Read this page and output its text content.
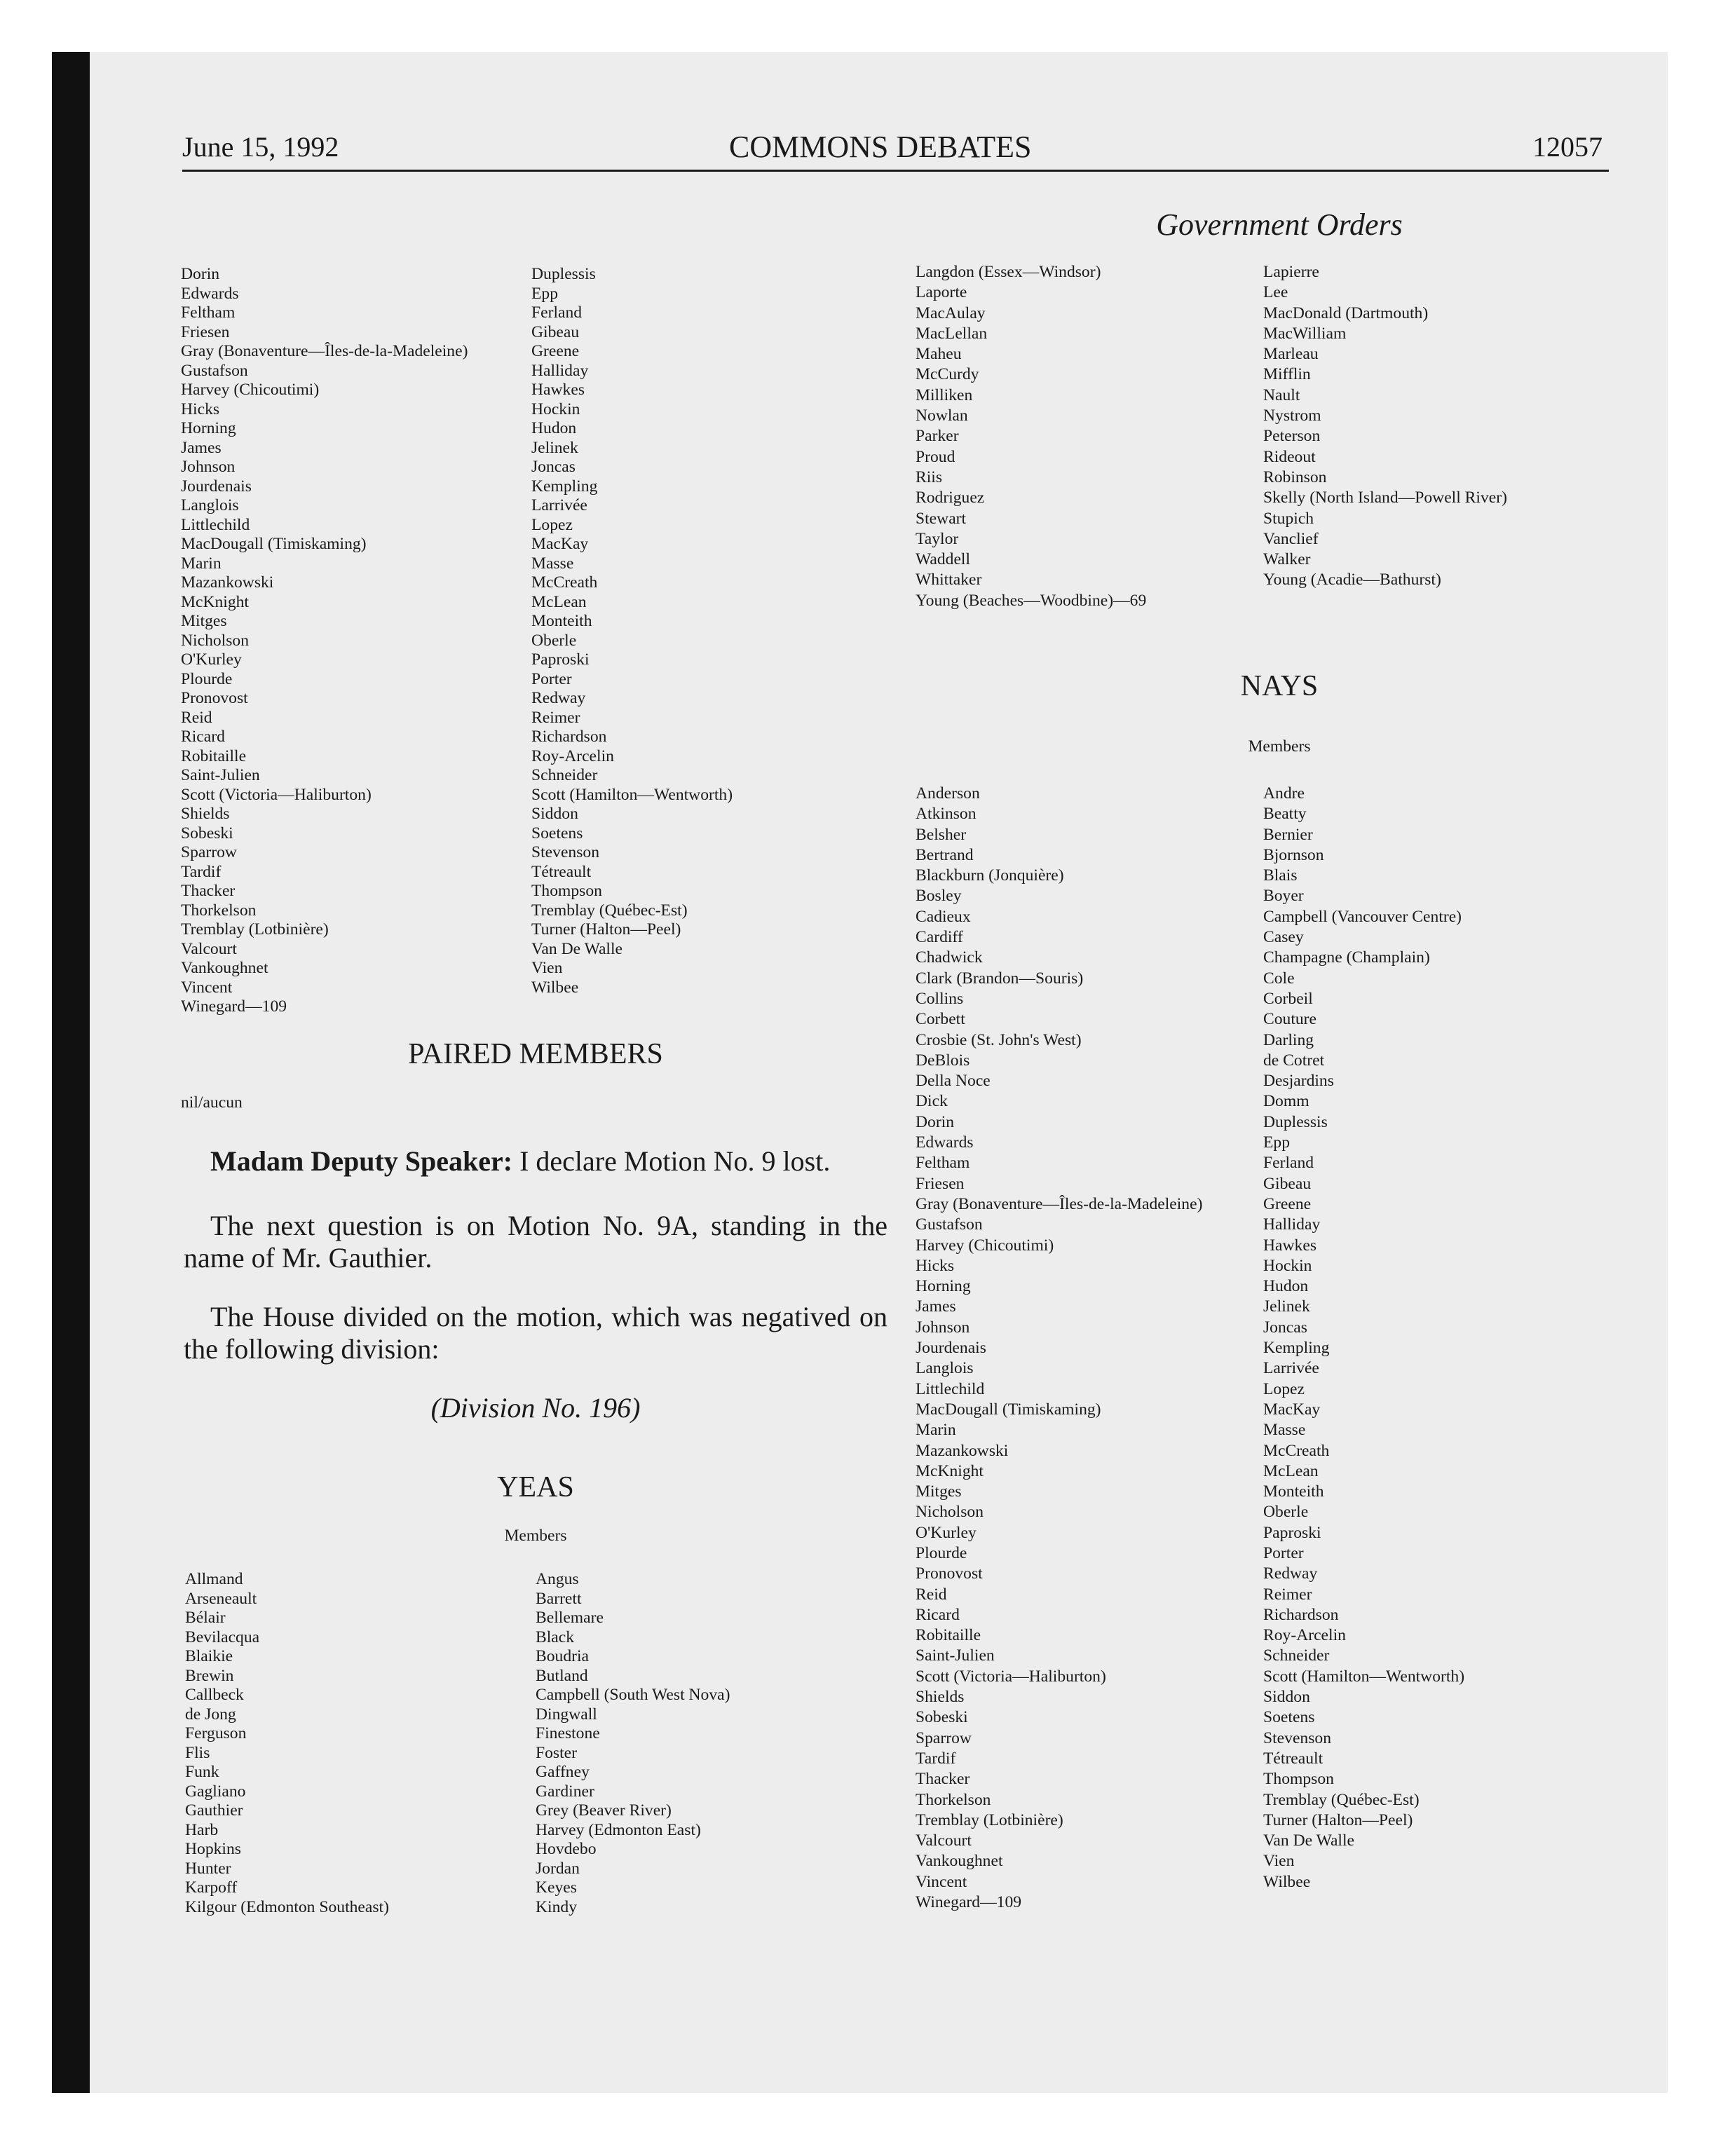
June 15, 1992	COMMONS DEBATES	12057
Government Orders
Dorin
Edwards
Feltham
Friesen
Gray (Bonaventure—Îles-de-la-Madeleine)
Gustafson
Harvey (Chicoutimi)
Hicks
Horning
James
Johnson
Jourdenais
Langlois
Littlechild
MacDougall (Timiskaming)
Marin
Mazankowski
McKnight
Mitges
Nicholson
O'Kurley
Plourde
Pronovost
Reid
Ricard
Robitaille
Saint-Julien
Scott (Victoria—Haliburton)
Shields
Sobeski
Sparrow
Tardif
Thacker
Thorkelson
Tremblay (Lotbinière)
Valcourt
Vankoughnet
Vincent
Winegard—109
Duplessis
Epp
Ferland
Gibeau
Greene
Halliday
Hawkes
Hockin
Hudon
Jelinek
Joncas
Kempling
Larrivée
Lopez
MacKay
Masse
McCreath
McLean
Monteith
Oberle
Paproski
Porter
Redway
Reimer
Richardson
Roy-Arcelin
Schneider
Scott (Hamilton—Wentworth)
Siddon
Soetens
Stevenson
Tétreault
Thompson
Tremblay (Québec-Est)
Turner (Halton—Peel)
Van De Walle
Vien
Wilbee
PAIRED MEMBERS
nil/aucun

Madam Deputy Speaker: I declare Motion No. 9 lost.

The next question is on Motion No. 9A, standing in the name of Mr. Gauthier.

The House divided on the motion, which was negatived on the following division:

(Division No. 196)
YEAS
Members
Allmand
Arseneault
Bélair
Bevilacqua
Blaikie
Brewin
Callbeck
de Jong
Ferguson
Flis
Funk
Gagliano
Gauthier
Harb
Hopkins
Hunter
Karpoff
Kilgour (Edmonton Southeast)
Angus
Barrett
Bellemare
Black
Boudria
Butland
Campbell (South West Nova)
Dingwall
Finestone
Foster
Gaffney
Gardiner
Grey (Beaver River)
Harvey (Edmonton East)
Hovdebo
Jordan
Keyes
Kindy
Langdon (Essex—Windsor)
Laporte
MacAulay
MacLellan
Maheu
McCurdy
Milliken
Nowlan
Parker
Proud
Riis
Rodriguez
Stewart
Taylor
Waddell
Whittaker
Young (Beaches—Woodbine)—69
Lapierre
Lee
MacDonald (Dartmouth)
MacWilliam
Marleau
Mifflin
Nault
Nystrom
Peterson
Rideout
Robinson
Skelly (North Island—Powell River)
Stupich
Vanclief
Walker
Young (Acadie—Bathurst)
NAYS
Members
Anderson
Atkinson
Belsher
Bertrand
Blackburn (Jonquière)
Bosley
Cadieux
Cardiff
Chadwick
Clark (Brandon—Souris)
Collins
Corbett
Crosbie (St. John's West)
DeBlois
Della Noce
Dick
Dorin
Edwards
Feltham
Friesen
Gray (Bonaventure—Îles-de-la-Madeleine)
Gustafson
Harvey (Chicoutimi)
Hicks
Horning
James
Johnson
Jourdenais
Langlois
Littlechild
MacDougall (Timiskaming)
Marin
Mazankowski
McKnight
Mitges
Nicholson
O'Kurley
Plourde
Pronovost
Reid
Ricard
Robitaille
Saint-Julien
Scott (Victoria—Haliburton)
Shields
Sobeski
Sparrow
Tardif
Thacker
Thorkelson
Tremblay (Lotbinière)
Valcourt
Vankoughnet
Vincent
Winegard—109
Andre
Beatty
Bernier
Bjornson
Blais
Boyer
Campbell (Vancouver Centre)
Casey
Champagne (Champlain)
Cole
Corbeil
Couture
Darling
de Cotret
Desjardins
Domm
Duplessis
Epp
Ferland
Gibeau
Greene
Halliday
Hawkes
Hockin
Hudon
Jelinek
Joncas
Kempling
Larrivée
Lopez
MacKay
Masse
McCreath
McLean
Monteith
Oberle
Paproski
Porter
Redway
Reimer
Richardson
Roy-Arcelin
Schneider
Scott (Hamilton—Wentworth)
Siddon
Soetens
Stevenson
Tétreault
Thompson
Tremblay (Québec-Est)
Turner (Halton—Peel)
Van De Walle
Vien
Wilbee
